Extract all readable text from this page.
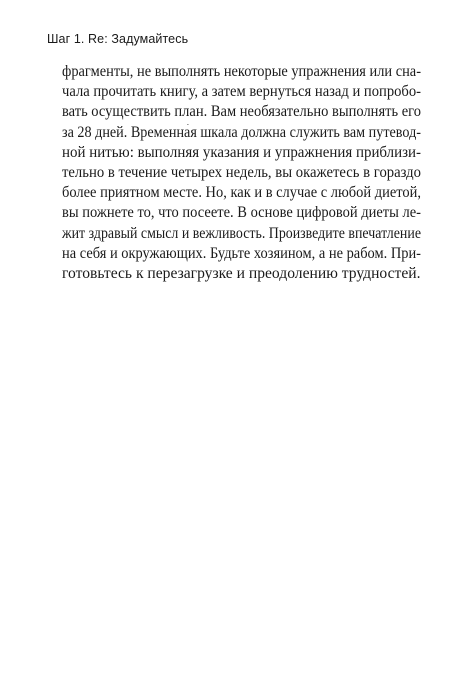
Шаг 1. Re: Задумайтесь
фрагменты, не выполнять некоторые упражнения или сна-
чала прочитать книгу, а затем вернуться назад и попробо-
вать осуществить план. Вам необязательно выполнять его
за 28 дней. Временна́я шкала должна служить вам путевод-
ной нитью: выполняя указания и упражнения приблизи-
тельно в течение четырех недель, вы окажетесь в гораздо
более приятном месте. Но, как и в случае с любой диетой,
вы пожнете то, что посеете. В основе цифровой диеты ле-
жит здравый смысл и вежливость. Произведите впечатление
на себя и окружающих. Будьте хозяином, а не рабом. При-
готовьтесь к перезагрузке и преодолению трудностей.
